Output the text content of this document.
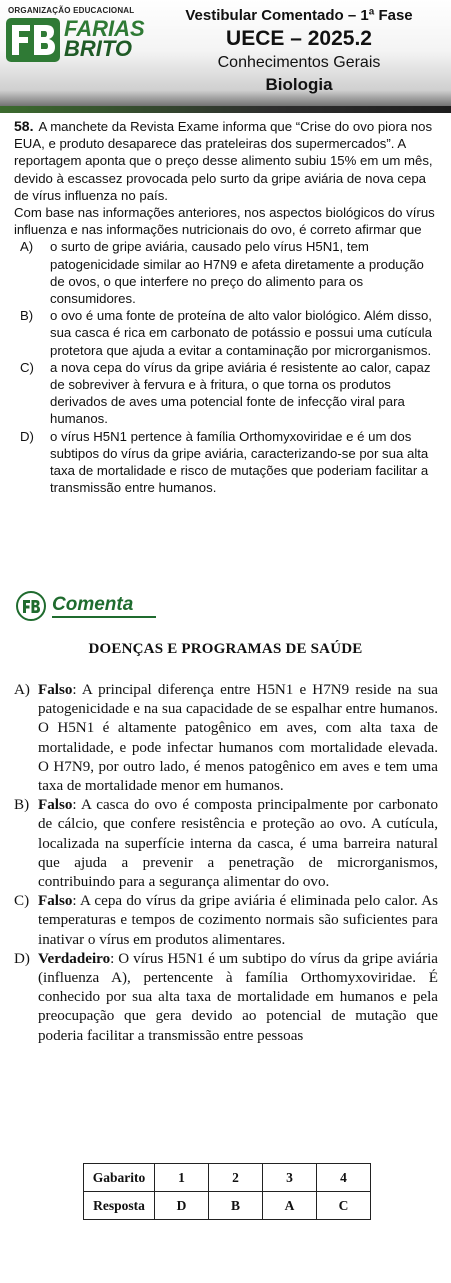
ORGANIZAÇÃO EDUCACIONAL
FARIAS
BRITO
Vestibular Comentado – 1ª Fase
UECE – 2025.2
Conhecimentos Gerais
Biologia

58. A manchete da Revista Exame informa que “Crise do ovo piora nos EUA, e produto desaparece das prateleiras dos supermercados”. A reportagem aponta que o preço desse alimento subiu 15% em um mês, devido à escassez provocada pelo surto da gripe aviária de nova cepa de vírus influenza no país.

Com base nas informações anteriores, nos aspectos biológicos do vírus influenza e nas informações nutricionais do ovo, é correto afirmar que

A)	o surto de gripe aviária, causado pelo vírus H5N1, tem patogenicidade similar ao H7N9 e afeta diretamente a produção de ovos, o que interfere no preço do alimento para os consumidores.
B)	o ovo é uma fonte de proteína de alto valor biológico. Além disso, sua casca é rica em carbonato de potássio e possui uma cutícula protetora que ajuda a evitar a contaminação por microrganismos.
C)	a nova cepa do vírus da gripe aviária é resistente ao calor, capaz de sobreviver à fervura e à fritura, o que torna os produtos derivados de aves uma potencial fonte de infecção viral para humanos.
D)	o vírus H5N1 pertence à família Orthomyxoviridae e é um dos subtipos do vírus da gripe aviária, caracterizando-se por sua alta taxa de mortalidade e risco de mutações que poderiam facilitar a transmissão entre humanos.
Comenta
DOENÇAS E PROGRAMAS DE SAÚDE
A) Falso: A principal diferença entre H5N1 e H7N9 reside na sua patogenicidade e na sua capacidade de se espalhar entre humanos. O H5N1 é altamente patogênico em aves, com alta taxa de mortalidade, e pode infectar humanos com mortalidade elevada. O H7N9, por outro lado, é menos patogênico em aves e tem uma taxa de mortalidade menor em humanos.
B) Falso: A casca do ovo é composta principalmente por carbonato de cálcio, que confere resistência e proteção ao ovo. A cutícula, localizada na superfície interna da casca, é uma barreira natural que ajuda a prevenir a penetração de microrganismos, contribuindo para a segurança alimentar do ovo.
C) Falso: A cepa do vírus da gripe aviária é eliminada pelo calor. As temperaturas e tempos de cozimento normais são suficientes para inativar o vírus em produtos alimentares.
D) Verdadeiro: O vírus H5N1 é um subtipo do vírus da gripe aviária (influenza A), pertencente à família Orthomyxoviridae. É conhecido por sua alta taxa de mortalidade em humanos e pela preocupação que gera devido ao potencial de mutação que poderia facilitar a transmissão entre pessoas
Gabarito	1	2	3	4
Resposta	D	B	A	C
